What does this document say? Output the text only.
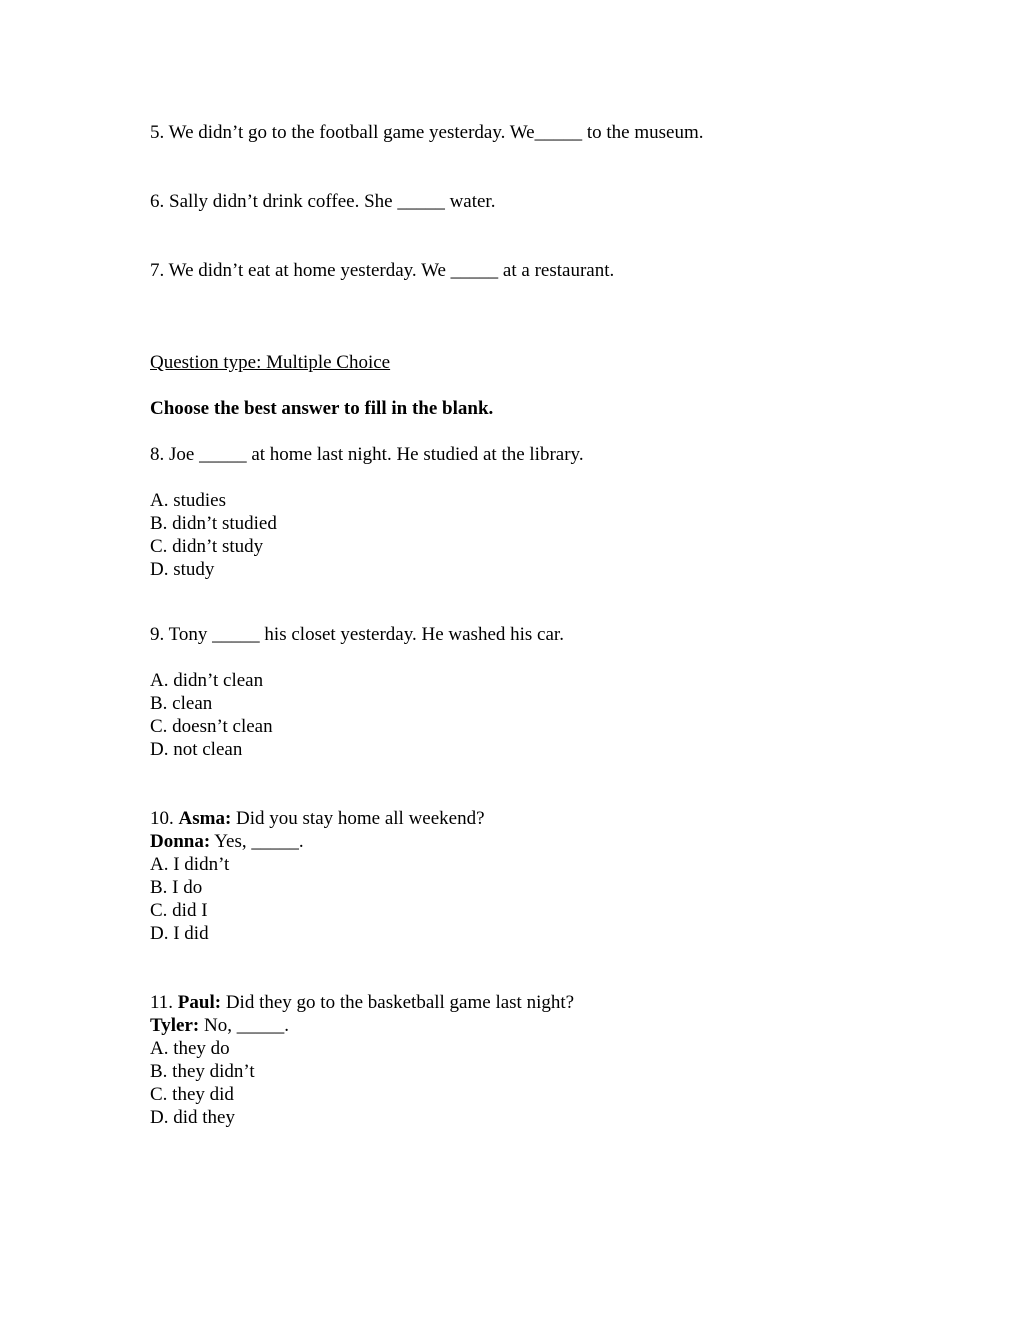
5. We didn’t go to the football game yesterday. We_____ to the museum.
6. Sally didn’t drink coffee. She _____ water.
7. We didn’t eat at home yesterday. We _____ at a restaurant.
Question type: Multiple Choice
Choose the best answer to fill in the blank.
8. Joe _____ at home last night. He studied at the library.
A. studies
B. didn’t studied
C. didn’t study
D. study
9. Tony _____ his closet yesterday. He washed his car.
A. didn’t clean
B. clean
C. doesn’t clean
D. not clean
10. Asma: Did you stay home all weekend?
Donna: Yes, _____.
A. I didn’t
B. I do
C. did I
D. I did
11. Paul: Did they go to the basketball game last night?
Tyler: No, _____.
A. they do
B. they didn’t
C. they did
D. did they
